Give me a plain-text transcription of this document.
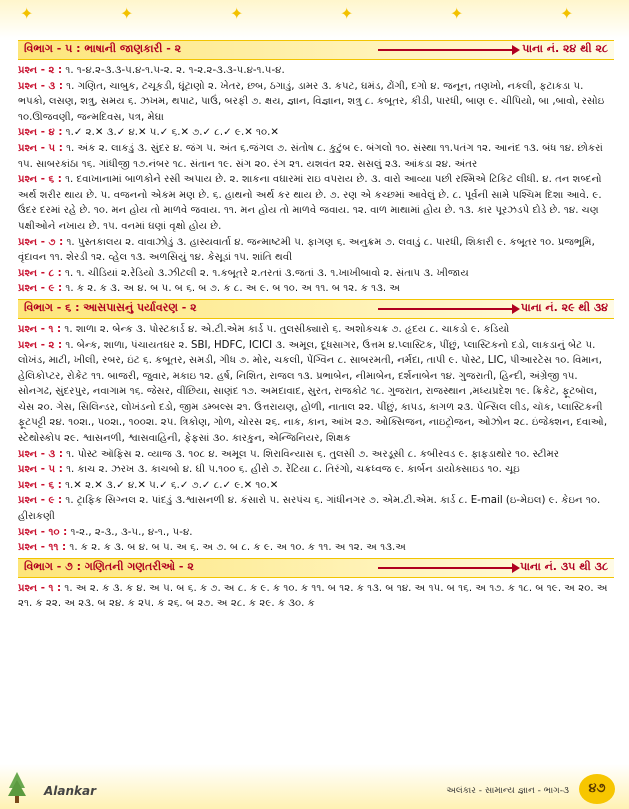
✦	✦	✦	✦	✦	✦
વિભાગ - ૫ : ભાષાની જાણકારી - ૨	પાના નં. ૨૪ થી ૨૮

પ્રશ્ન - ૨ : ૧. ૧-૪.૨-૩.૩-૫.૪-૧.૫-૨. ૨. ૧-૨.૨-૩.૩-૫.૪-૧.૫-૪.

પ્રશ્ન - ૩ : ૧. ગણિત, ચાબુક, ટચૂકડી, ઘૂંટાણો ૨. ખેતર, છબ, ઠગાડું, ડામર ૩. કપટ, ઘમંડ, ઢોંગી, દગો ૪. જનૂન, તણખો, નકલી, ફટાકડા ૫. ભપકો, લસણ, શત્રુ, સમય ૬. ઝખમ, થપાટ, પાઉં, બરફી ૭. ક્ષય, જ્ઞાન, વિજ્ઞાન, શત્રુ ૮. કબૂતર, કીડી, પારધી, બાણ ૯. ચીપિયો, બા ,બાવો, રસોઇ ૧૦.ઊજવણી, જન્મદિવસ, પત્ર, મેઘા

પ્રશ્ન - ૪ : ૧.✓ ૨.✕ ૩.✓ ૪.✕ ૫.✓ ૬.✕ ૭.✓ ૮.✓ ૯.✕ ૧૦.✕

પ્રશ્ન - ૫ : ૧. અંક ૨. લાકડું ૩. સુંદર ૪. જંગ ૫. અંત ૬.જંગલ ૭. સંતોષ ૮. કુટુંબ ૯. બંગલો ૧૦. સંસ્થા ૧૧.પતંગ ૧૨. આનંદ ૧૩. બંધ ૧૪. છોકરાં ૧૫. સાબરકાંઠા ૧૬. ગાંધીજી ૧૭.નંબર ૧૮. સંતાન ૧૯. સંગ ૨૦. રંગ ૨૧. યશવંત ૨૨. સસલું ૨૩. આંકડા ૨૪. અંતર

પ્રશ્ન - ૬ : ૧. દવાખાનામાં બાળકોને રસી અપાય છે. ૨. શાકના વઘારમાં રાઇ વપરાય છે. ૩. વારો આવ્યા પછી રશ્મિએ ટિકિટ લીધી. ૪. તન શબ્દનો અર્થ શરીર થાય છે. ૫. વજનનો એકમ મણ છે. ૬. હાથનો અર્થ કર થાય છે. ૭. રણ એ કચ્છમાં આવેલું છે. ૮. પૂર્વની સામે પશ્ચિમ દિશા આવે. ૯. ઉંદર દરમાં રહે છે. ૧૦. મન હોય તો માળવે જવાય. ૧૧. મન હોય તો માળવે જવાય. ૧૨. વાળ માથામાં હોય છે. ૧૩. કાર પૂરઝડપે દોડે છે. ૧૪. ચણ પક્ષીઓને નખાય છે. ૧૫. વનમાં ઘણાં વૃક્ષો હોય છે.

પ્રશ્ન - ૭ : ૧. પુસ્તકાલય ૨. વાવાઝોડું ૩. હાસ્યવાર્તા ૪. જન્માષ્ટમી ૫. ફાગણ ૬. અનુક્રમ ૭. લવાડું ૮. પારધી, શિકારી ૯. કબૂતર ૧૦. પ્રજભૂમિ, વૃંદાવન ૧૧. શેરડી ૧૨. વ્હેલ ૧૩. અળસિયું ૧૪. કેસૂડાં ૧૫. શાંતિ થવી

પ્રશ્ન - ૮ : ૧. ૧. ચીડિયાં ૨.રેડિયો ૩.ઝીટલી ૨. ૧.કબૂતરે ૨.તરતાં ૩.જતાં ૩. ૧.ખાખીબાવો ૨. સંતાપ ૩. ખીજાય

પ્રશ્ન - ૯ : ૧. ક ૨. ક ૩. અ ૪. બ ૫. બ ૬. બ ૭. ક ૮. અ ૯. બ ૧૦. અ ૧૧. બ ૧૨. ક ૧૩. અ

વિભાગ - ૬ : આસપાસનું પર્યાવરણ - ૨	પાના નં. ૨૯ થી ૩૪

પ્રશ્ન - ૧ : ૧. શાળા ૨. બેન્ક ૩. પોસ્ટકાર્ડ ૪. એ.ટી.એમ કાર્ડ ૫. તુલસીક્યારો ૬. અશોકચક્ર ૭. હૃદય ૮. ચાકડો ૯. કડિયો

પ્રશ્ન - ૨ : ૧. બેન્ક, શાળા, પંચાયતઘર ૨. SBI, HDFC, ICICI ૩. અમૂલ, દૂધસાગર, ઉત્તમ ૪.પ્લાસ્ટિક, પીંછું, પ્લાસ્ટિકનો દડો, લાકડાનું બેટ ૫. લોખંડ, માટી, ખીલી, રબર, ઇંટ ૬. કબૂતર, સમડી, ગીધ ૭. મોર, ચકલી, પેંગ્વિન ૮. સાબરમતી, નર્મદા, તાપી ૯. પોસ્ટ, LIC, પીઆરટેસ ૧૦. વિમાન, હેલિકોપ્ટર, રોકેટ ૧૧. બાજરી, જુવાર, મકાઇ ૧૨. હર્ષ, નિશિત, રાજલ ૧૩. પ્રભાબેન, નીમાબેન, દર્શનાબેન ૧૪. ગુજરાતી, હિન્દી, અંગ્રેજી ૧૫. સોનગઢ, સુંદરપુર, નવાગામ ૧૬. જેસર, વીંછિયા, સાણંદ ૧૭. અમદાવાદ, સુરત, રાજકોટ ૧૮. ગુજરાત, રાજસ્થાન ,મધ્યપ્રદેશ ૧૯. ક્રિકેટ, ફૂટબૉલ, ચેસ ૨૦. ગેસ, સિલિન્ડર, લોખંડનો દડો, જીમ ડમ્બલ્સ ૨૧. ઉત્તરાયણ, હોળી, નાતાલ ૨૨. પીંછું, કાપડ, કાગળ ૨૩. પેન્સિલ લીડ, ચૉક, પ્લાસ્ટિકની ફૂટપટ્ટી ૨૪. ૧૦૨ા., ૫૦૨ા., ૧૦૦૨ા. ૨૫. ત્રિકોણ, ગોળ, ચોરસ ૨૬. નાક, કાન, આંખ ૨૭. ઓક્સિજન, નાઇટ્રોજન, ઓઝોન ૨૮. ઇંજેક્શન, દવાઓ, સ્ટેથોસ્કોપ ૨૯. શ્વાસનળી, શ્વાસવાહિની, ફેફસાં ૩૦. કારકુન, એન્જિનિયર, શિક્ષક

પ્રશ્ન - ૩ : ૧. પોસ્ટ ઑફિસ ૨. વ્યાજ ૩. ૧૦૮ ૪. અમૂલ ૫. શિરાવિન્યાસ ૬. તુલસી ૭. અરડૂસી ૮. કબીરવડ ૯. ફાફડાથોર ૧૦. સ્ટીમર

પ્રશ્ન - ૫ : ૧. કાચ ૨. ઝરખ ૩. કાચબો ૪. ઘી ૫.૧૦૦ ૬. હીરો ૭. રેંટિયા ૮. તિરંગો, ચક્રધ્વજ ૯. કાર્બન ડાયોક્સાઇડ ૧૦. ચૂઇ

પ્રશ્ન - ૬ : ૧.✕ ૨.✕ ૩.✓ ૪.✕ ૫.✓ ૬.✓ ૭.✓ ૮.✓ ૯.✕ ૧૦.✕

પ્રશ્ન - ૯ : ૧. ટ્રાફિક સિગ્નલ ૨. પાંદડું ૩.શ્વાસનળી ૪. કંસારો ૫. સરપંચ ૬. ગાંધીનગર ૭. એમ.ટી.એમ. કાર્ડ ૮. E-mail (ઇ-મેઇલ) ૯. કેઇન ૧૦. હીરાકણી

પ્રશ્ન - ૧૦ : ૧-૨., ૨-૩., ૩-૫., ૪-૧., ૫-૪.

પ્રશ્ન - ૧૧ : ૧. ક ૨. ક ૩. બ ૪. બ ૫. અ ૬. અ ૭. બ ૮. ક ૯. અ ૧૦. ક ૧૧. અ ૧૨. અ ૧૩.અ

વિભાગ - ૭ : ગણિતની ગણતરીઓ - ૨	પાના નં. ૩૫ થી ૩૮

પ્રશ્ન - ૧ : ૧. અ ૨. ક ૩. ક ૪. અ ૫. બ ૬. ક ૭. અ ૮. ક ૯. ક ૧૦. ક ૧૧. બ ૧૨. ક ૧૩. બ ૧૪. અ ૧૫. બ ૧૬. અ ૧૭. ક ૧૮. બ ૧૯. અ ૨૦. અ ૨૧. ક ૨૨. અ ૨૩. બ ૨૪. ક ૨૫. ક ૨૬. બ ૨૭. અ ૨૮. ક ૨૯. ક ૩૦. ક

Alankar	અલંકાર - સામાન્ય જ્ઞાન - ભાગ-૩	૪૭
